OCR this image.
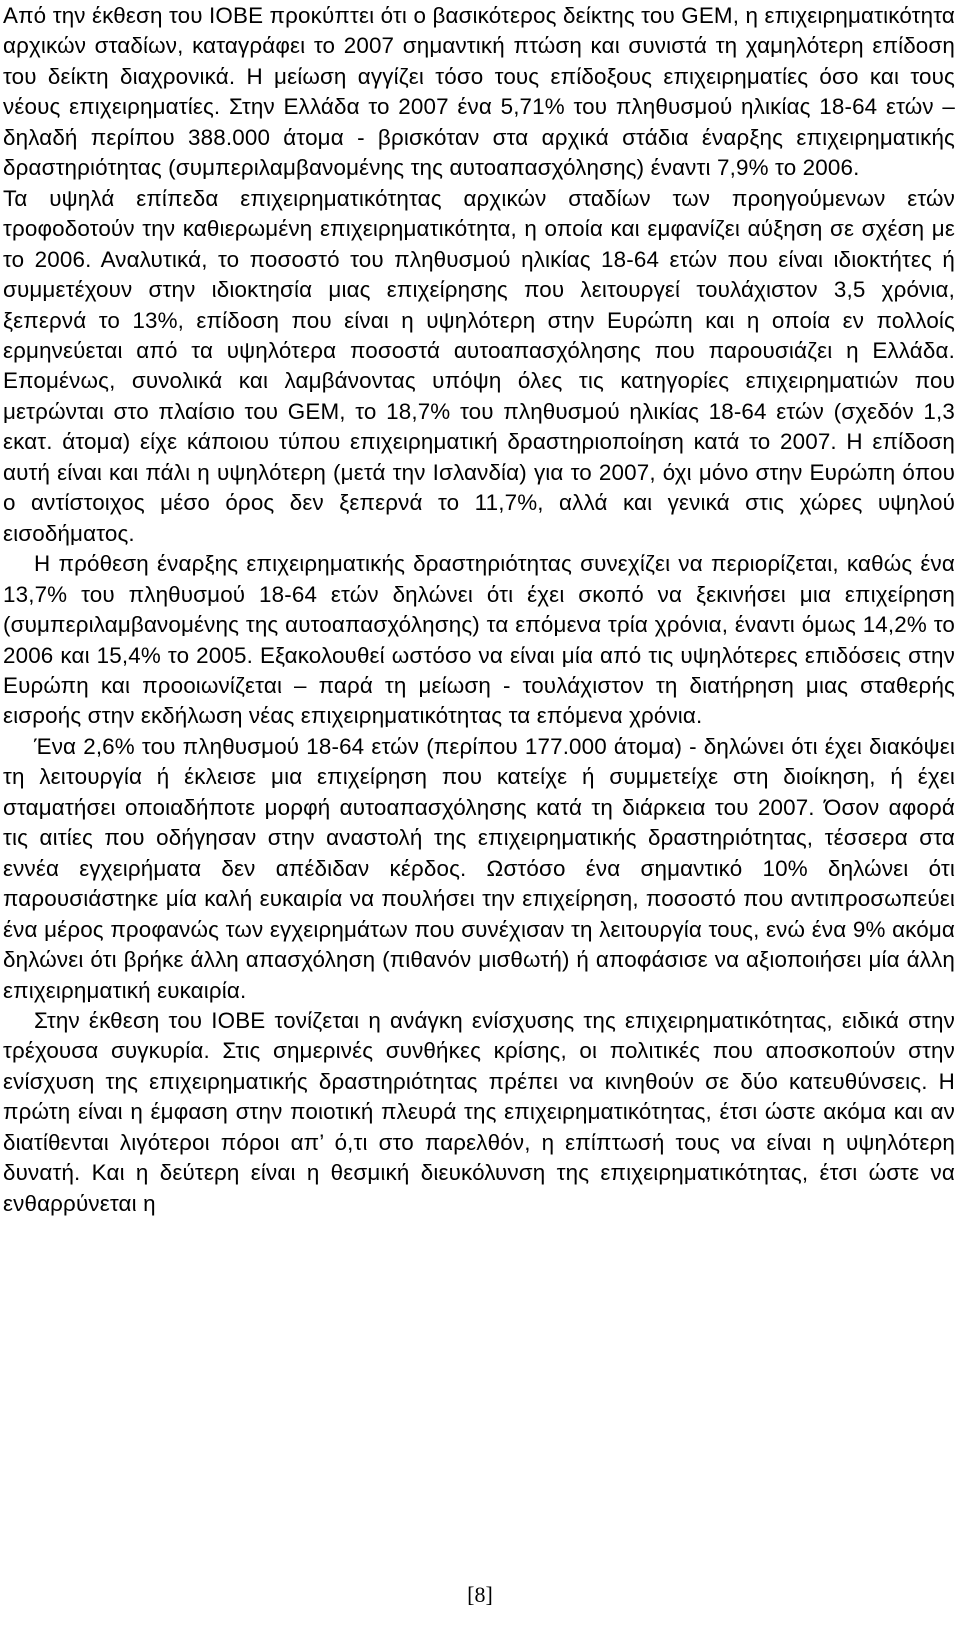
Από την έκθεση του ΙΟΒΕ προκύπτει ότι ο βασικότερος δείκτης του GEM, η επιχειρηματικότητα αρχικών σταδίων, καταγράφει το 2007 σημαντική πτώση και συνιστά τη χαμηλότερη επίδοση του δείκτη διαχρονικά. Η μείωση αγγίζει τόσο τους επίδοξους επιχειρηματίες όσο και τους νέους επιχειρηματίες. Στην Ελλάδα το 2007 ένα 5,71% του πληθυσμού ηλικίας 18-64 ετών – δηλαδή περίπου 388.000 άτομα - βρισκόταν στα αρχικά στάδια έναρξης επιχειρηματικής δραστηριότητας (συμπεριλαμβανομένης της αυτοαπασχόλησης) έναντι 7,9% το 2006.

Τα υψηλά επίπεδα επιχειρηματικότητας αρχικών σταδίων των προηγούμενων ετών τροφοδοτούν την καθιερωμένη επιχειρηματικότητα, η οποία και εμφανίζει αύξηση σε σχέση με το 2006. Αναλυτικά, το ποσοστό του πληθυσμού ηλικίας 18-64 ετών που είναι ιδιοκτήτες ή συμμετέχουν στην ιδιοκτησία μιας επιχείρησης που λειτουργεί τουλάχιστον 3,5 χρόνια, ξεπερνά το 13%, επίδοση που είναι η υψηλότερη στην Ευρώπη και η οποία εν πολλοίς ερμηνεύεται από τα υψηλότερα ποσοστά αυτοαπασχόλησης που παρουσιάζει η Ελλάδα. Επομένως, συνολικά και λαμβάνοντας υπόψη όλες τις κατηγορίες επιχειρηματιών που μετρώνται στο πλαίσιο του GEM, το 18,7% του πληθυσμού ηλικίας 18-64 ετών (σχεδόν 1,3 εκατ. άτομα) είχε κάποιου τύπου επιχειρηματική δραστηριοποίηση κατά το 2007. Η επίδοση αυτή είναι και πάλι η υψηλότερη (μετά την Ισλανδία) για το 2007, όχι μόνο στην Ευρώπη όπου ο αντίστοιχος μέσο όρος δεν ξεπερνά το 11,7%, αλλά και γενικά στις χώρες υψηλού εισοδήματος.

Η πρόθεση έναρξης επιχειρηματικής δραστηριότητας συνεχίζει να περιορίζεται, καθώς ένα 13,7% του πληθυσμού 18-64 ετών δηλώνει ότι έχει σκοπό να ξεκινήσει μια επιχείρηση (συμπεριλαμβανομένης της αυτοαπασχόλησης) τα επόμενα τρία χρόνια, έναντι όμως 14,2% το 2006 και 15,4% το 2005. Εξακολουθεί ωστόσο να είναι μία από τις υψηλότερες επιδόσεις στην Ευρώπη και προοιωνίζεται – παρά τη μείωση - τουλάχιστον τη διατήρηση μιας σταθερής εισροής στην εκδήλωση νέας επιχειρηματικότητας τα επόμενα χρόνια.

Ένα 2,6% του πληθυσμού 18-64 ετών (περίπου 177.000 άτομα) - δηλώνει ότι έχει διακόψει τη λειτουργία ή έκλεισε μια επιχείρηση που κατείχε ή συμμετείχε στη διοίκηση, ή έχει σταματήσει οποιαδήποτε μορφή αυτοαπασχόλησης κατά τη διάρκεια του 2007. Όσον αφορά τις αιτίες που οδήγησαν στην αναστολή της επιχειρηματικής δραστηριότητας, τέσσερα στα εννέα εγχειρήματα δεν απέδιδαν κέρδος. Ωστόσο ένα σημαντικό 10% δηλώνει ότι παρουσιάστηκε μία καλή ευκαιρία να πουλήσει την επιχείρηση, ποσοστό που αντιπροσωπεύει ένα μέρος προφανώς των εγχειρημάτων που συνέχισαν τη λειτουργία τους, ενώ ένα 9% ακόμα δηλώνει ότι βρήκε άλλη απασχόληση (πιθανόν μισθωτή) ή αποφάσισε να αξιοποιήσει μία άλλη επιχειρηματική ευκαιρία.

Στην έκθεση του ΙΟΒΕ τονίζεται η ανάγκη ενίσχυσης της επιχειρηματικότητας, ειδικά στην τρέχουσα συγκυρία. Στις σημερινές συνθήκες κρίσης, οι πολιτικές που αποσκοπούν στην ενίσχυση της επιχειρηματικής δραστηριότητας πρέπει να κινηθούν σε δύο κατευθύνσεις. Η πρώτη είναι η έμφαση στην ποιοτική πλευρά της επιχειρηματικότητας, έτσι ώστε ακόμα και αν διατίθενται λιγότεροι πόροι απ’ ό,τι στο παρελθόν, η επίπτωσή τους να είναι η υψηλότερη δυνατή. Και η δεύτερη είναι η θεσμική διευκόλυνση της επιχειρηματικότητας, έτσι ώστε να ενθαρρύνεται η

[8]
